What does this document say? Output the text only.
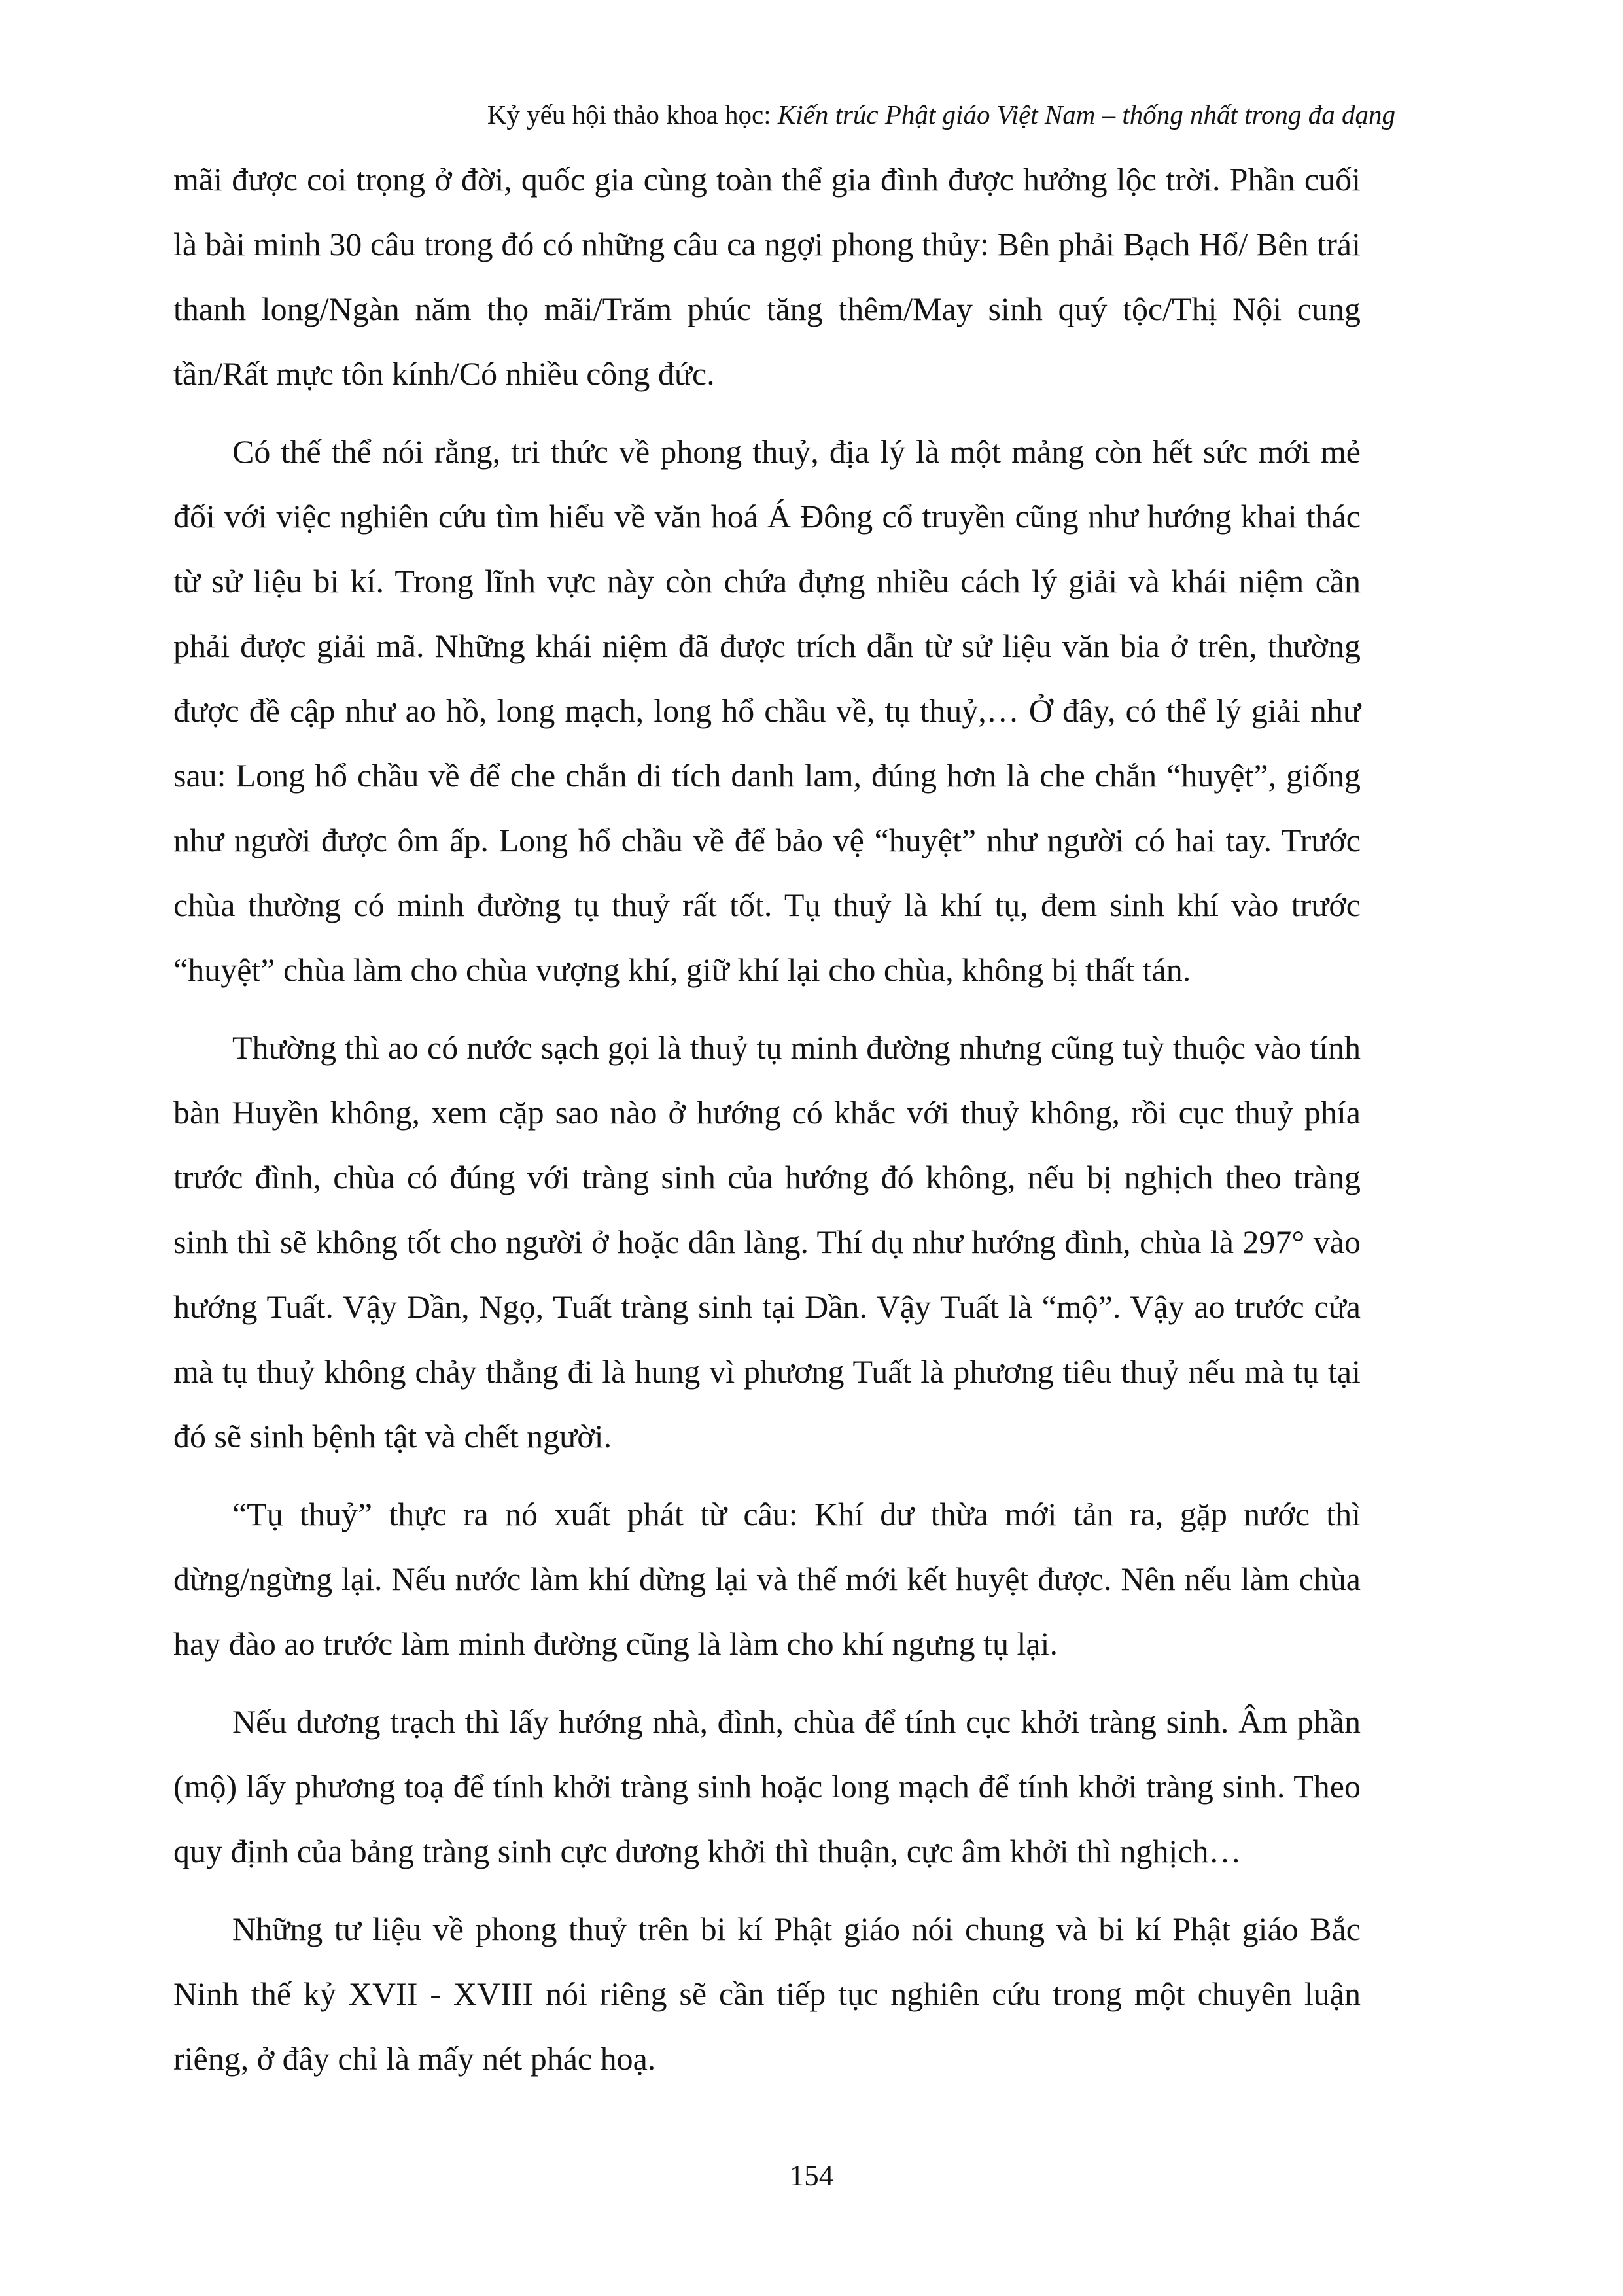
Kỷ yếu hội thảo khoa học: Kiến trúc Phật giáo Việt Nam – thống nhất trong đa dạng

mãi được coi trọng ở đời, quốc gia cùng toàn thể gia đình được hưởng lộc trời. Phần cuối là bài minh 30 câu trong đó có những câu ca ngợi phong thủy: Bên phải Bạch Hổ/ Bên trái thanh long/Ngàn năm thọ mãi/Trăm phúc tăng thêm/May sinh quý tộc/Thị Nội cung tần/Rất mực tôn kính/Có nhiều công đức.

Có thế thể nói rằng, tri thức về phong thuỷ, địa lý là một mảng còn hết sức mới mẻ đối với việc nghiên cứu tìm hiểu về văn hoá Á Đông cổ truyền cũng như hướng khai thác từ sử liệu bi kí. Trong lĩnh vực này còn chứa đựng nhiều cách lý giải và khái niệm cần phải được giải mã. Những khái niệm đã được trích dẫn từ sử liệu văn bia ở trên, thường được đề cập như ao hồ, long mạch, long hổ chầu về, tụ thuỷ,… Ở đây, có thể lý giải như sau: Long hổ chầu về để che chắn di tích danh lam, đúng hơn là che chắn “huyệt”, giống như người được ôm ấp. Long hổ chầu về để bảo vệ “huyệt” như người có hai tay. Trước chùa thường có minh đường tụ thuỷ rất tốt. Tụ thuỷ là khí tụ, đem sinh khí vào trước “huyệt” chùa làm cho chùa vượng khí, giữ khí lại cho chùa, không bị thất tán.

Thường thì ao có nước sạch gọi là thuỷ tụ minh đường nhưng cũng tuỳ thuộc vào tính bàn Huyền không, xem cặp sao nào ở hướng có khắc với thuỷ không, rồi cục thuỷ phía trước đình, chùa có đúng với tràng sinh của hướng đó không, nếu bị nghịch theo tràng sinh thì sẽ không tốt cho người ở hoặc dân làng. Thí dụ như hướng đình, chùa là 297° vào hướng Tuất. Vậy Dần, Ngọ, Tuất tràng sinh tại Dần. Vậy Tuất là “mộ”. Vậy ao trước cửa mà tụ thuỷ không chảy thẳng đi là hung vì phương Tuất là phương tiêu thuỷ nếu mà tụ tại đó sẽ sinh bệnh tật và chết người.

“Tụ thuỷ” thực ra nó xuất phát từ câu: Khí dư thừa mới tản ra, gặp nước thì dừng/ngừng lại. Nếu nước làm khí dừng lại và thế mới kết huyệt được. Nên nếu làm chùa hay đào ao trước làm minh đường cũng là làm cho khí ngưng tụ lại.

Nếu dương trạch thì lấy hướng nhà, đình, chùa để tính cục khởi tràng sinh. Âm phần (mộ) lấy phương toạ để tính khởi tràng sinh hoặc long mạch để tính khởi tràng sinh. Theo quy định của bảng tràng sinh cực dương khởi thì thuận, cực âm khởi thì nghịch…

Những tư liệu về phong thuỷ trên bi kí Phật giáo nói chung và bi kí Phật giáo Bắc Ninh thế kỷ XVII - XVIII nói riêng sẽ cần tiếp tục nghiên cứu trong một chuyên luận riêng, ở đây chỉ là mấy nét phác hoạ.

154
